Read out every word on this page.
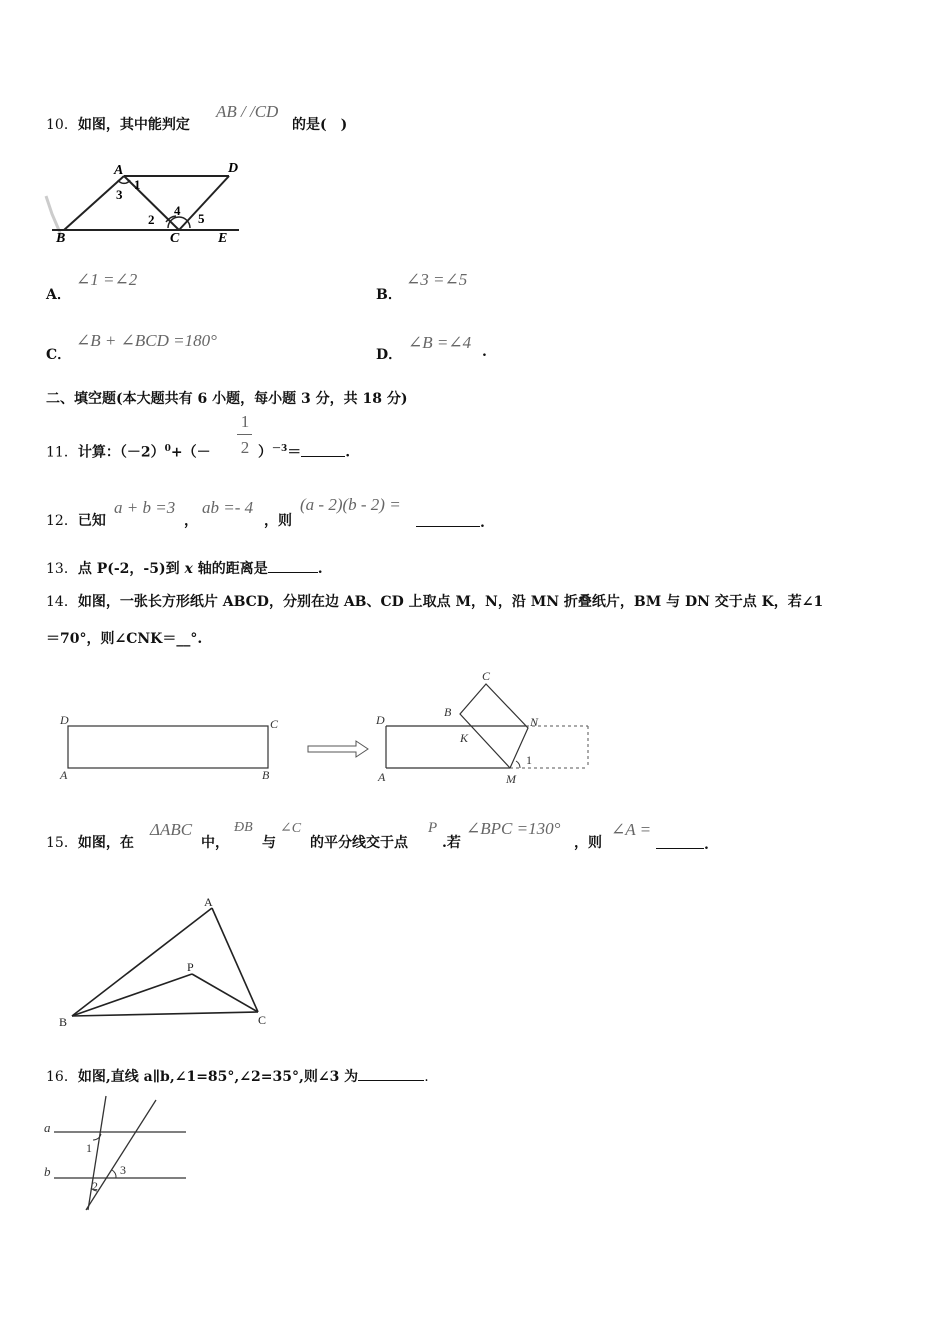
10．如图，其中能判定
AB / /CD
的是(　)
A	D
B	C	E
1
3
2
4
5
A．
∠1 =∠2
B．
∠3 =∠5
C．
∠B + ∠BCD =180°
D．
∠B =∠4 .
二、填空题(本大题共有 6 小题，每小题 3 分，共 18 分)
11．计算：$(-2)^0+(-$
1
2 ）$^{-3}$＝	.
12．已知
a + b =3
，
ab =- 4
，则
(a - 2)(b - 2) =
.
13．点 P(-2，-5)到 x 轴的距离是	.
14．如图，一张长方形纸片 ABCD，分别在边 AB、CD 上取点 M，N，沿 MN 折叠纸片，BM 与 DN 交于点 K，若∠1
＝70°，则∠CNK＝__°.
D	C
A	B
C
B
N
D
K
A	M
1
15．如图，在
ΔABC
中，
ÐB
与
∠C
的平分线交于点
P
.若
∠BPC =130°
，则
∠A =
.
A
P
B	C
16．如图,直线 a∥b,∠1=85°,∠2=35°,则∠3 为	.
a
b
1
2
3
